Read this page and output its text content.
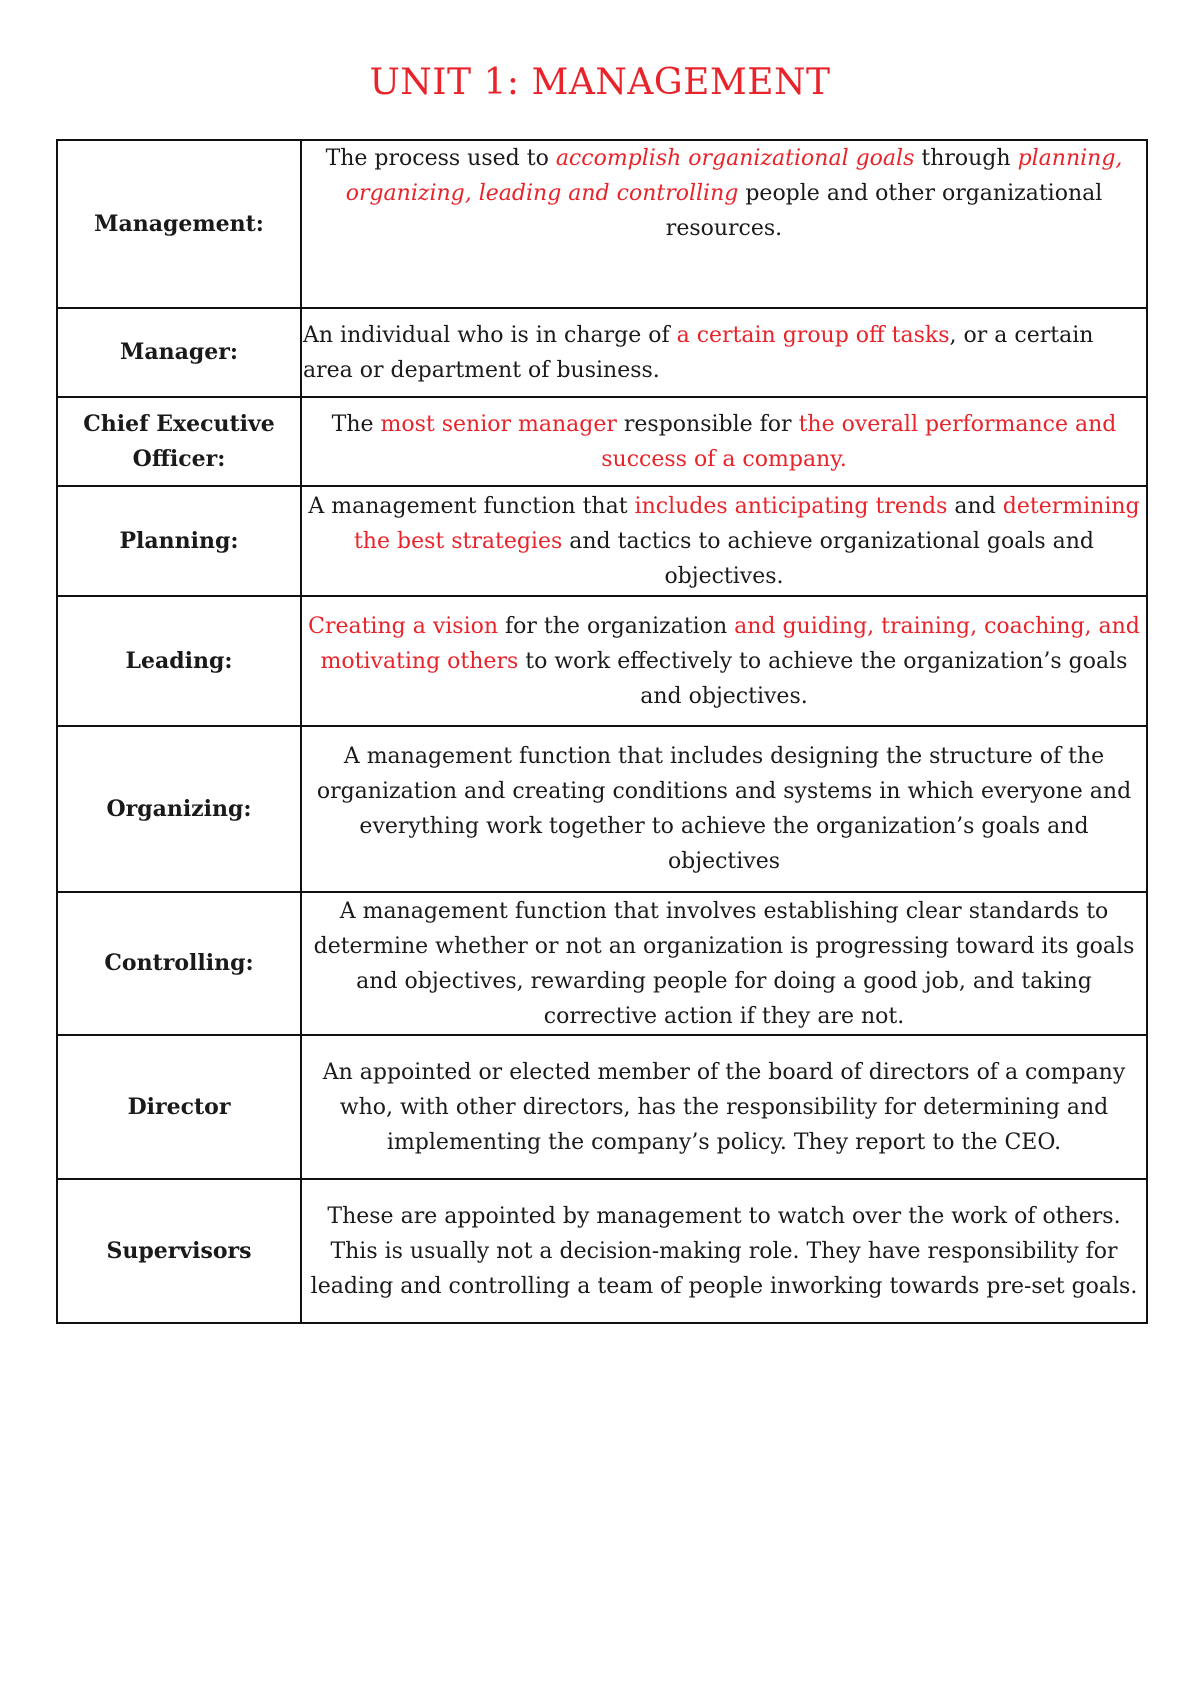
UNIT 1: MANAGEMENT
Management:	The process used to accomplish organizational goals through planning, organizing, leading and controlling people and other organizational resources.
Manager:	An individual who is in charge of a certain group off tasks, or a certain area or department of business.
Chief Executive Officer:	The most senior manager responsible for the overall performance and success of a company.
Planning:	A management function that includes anticipating trends and determining the best strategies and tactics to achieve organizational goals and objectives.
Leading:	Creating a vision for the organization and guiding, training, coaching, and motivating others to work effectively to achieve the organization’s goals and objectives.
Organizing:	A management function that includes designing the structure of the organization and creating conditions and systems in which everyone and everything work together to achieve the organization’s goals and objectives
Controlling:	A management function that involves establishing clear standards to determine whether or not an organization is progressing toward its goals and objectives, rewarding people for doing a good job, and taking corrective action if they are not.
Director	An appointed or elected member of the board of directors of a company who, with other directors, has the responsibility for determining and implementing the company’s policy. They report to the CEO.
Supervisors	These are appointed by management to watch over the work of others. This is usually not a decision-making role. They have responsibility for leading and controlling a team of people inworking towards pre-set goals.
